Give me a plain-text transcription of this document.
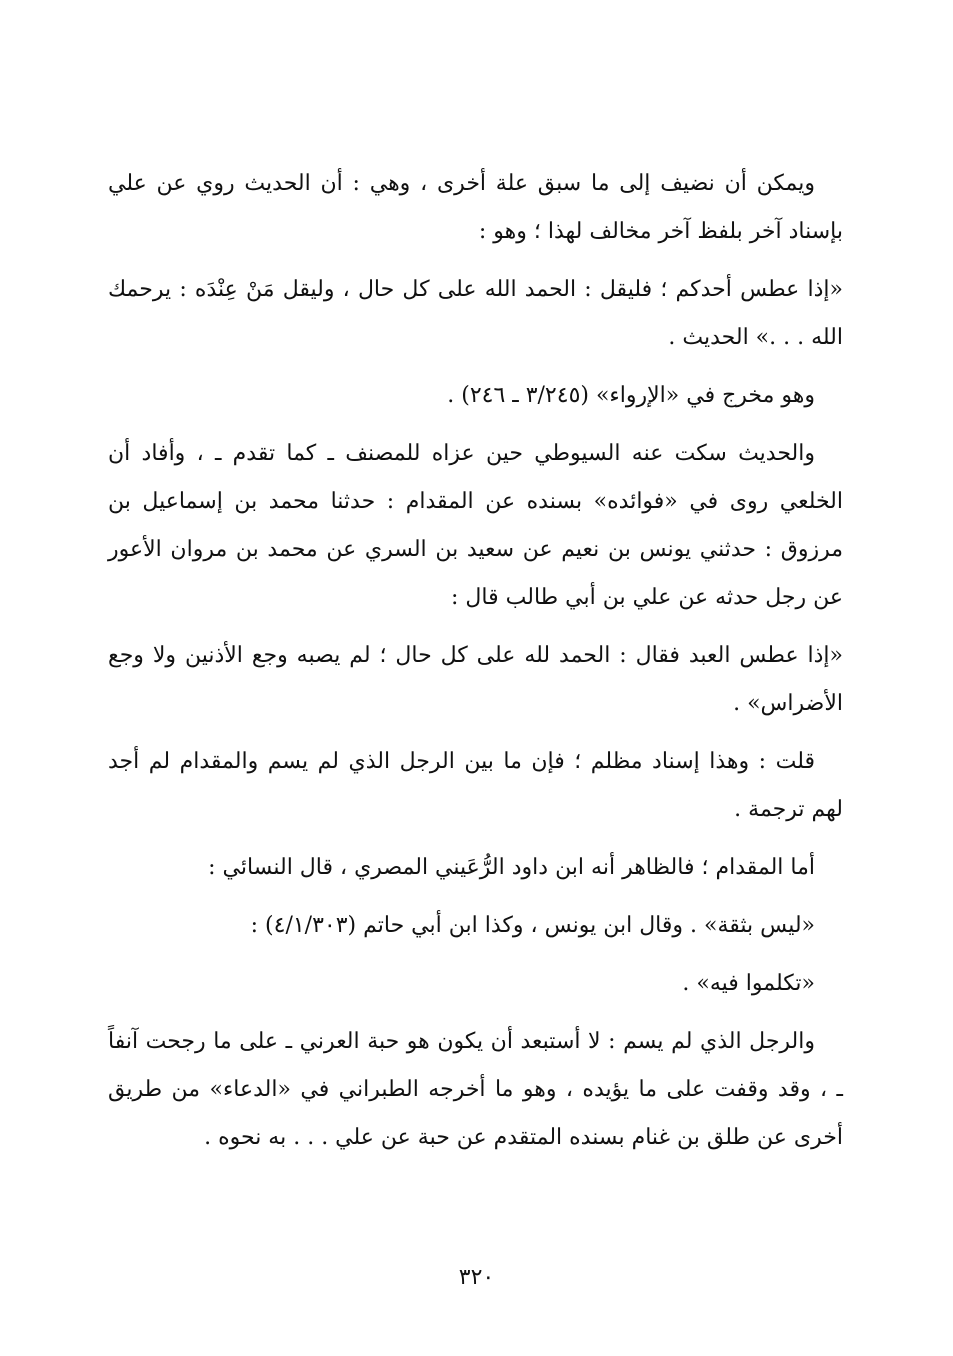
ويمكن أن نضيف إلى ما سبق علة أخرى ، وهي : أن الحديث روي عن علي بإسناد آخر بلفظ آخر مخالف لهذا ؛ وهو :

«إذا عطس أحدكم ؛ فليقل : الحمد الله على كل حال ، وليقل مَنْ عِنْدَه : يرحمك الله . . .» الحديث .

وهو مخرج في «الإرواء» (٣/٢٤٥ ـ ٢٤٦) .

والحديث سكت عنه السيوطي حين عزاه للمصنف ـ كما تقدم ـ ، وأفاد أن الخلعي روى في «فوائده» بسنده عن المقدام : حدثنا محمد بن إسماعيل بن مرزوق : حدثني يونس بن نعيم عن سعيد بن السري عن محمد بن مروان الأعور عن رجل حدثه عن علي بن أبي طالب قال :

«إذا عطس العبد فقال : الحمد لله على كل حال ؛ لم يصبه وجع الأذنين ولا وجع الأضراس» .

قلت : وهذا إسناد مظلم ؛ فإن ما بين الرجل الذي لم يسم والمقدام لم أجد لهم ترجمة .

أما المقدام ؛ فالظاهر أنه ابن داود الرُّعَيني المصري ، قال النسائي :

«ليس بثقة» . وقال ابن يونس ، وكذا ابن أبي حاتم (٤/١/٣٠٣) :

«تكلموا فيه» .

والرجل الذي لم يسم : لا أستبعد أن يكون هو حبة العرني ـ على ما رجحت آنفاً ـ ، وقد وقفت على ما يؤيده ، وهو ما أخرجه الطبراني في «الدعاء» من طريق أخرى عن طلق بن غنام بسنده المتقدم عن حبة عن علي . . . به نحوه .

٣٢٠
